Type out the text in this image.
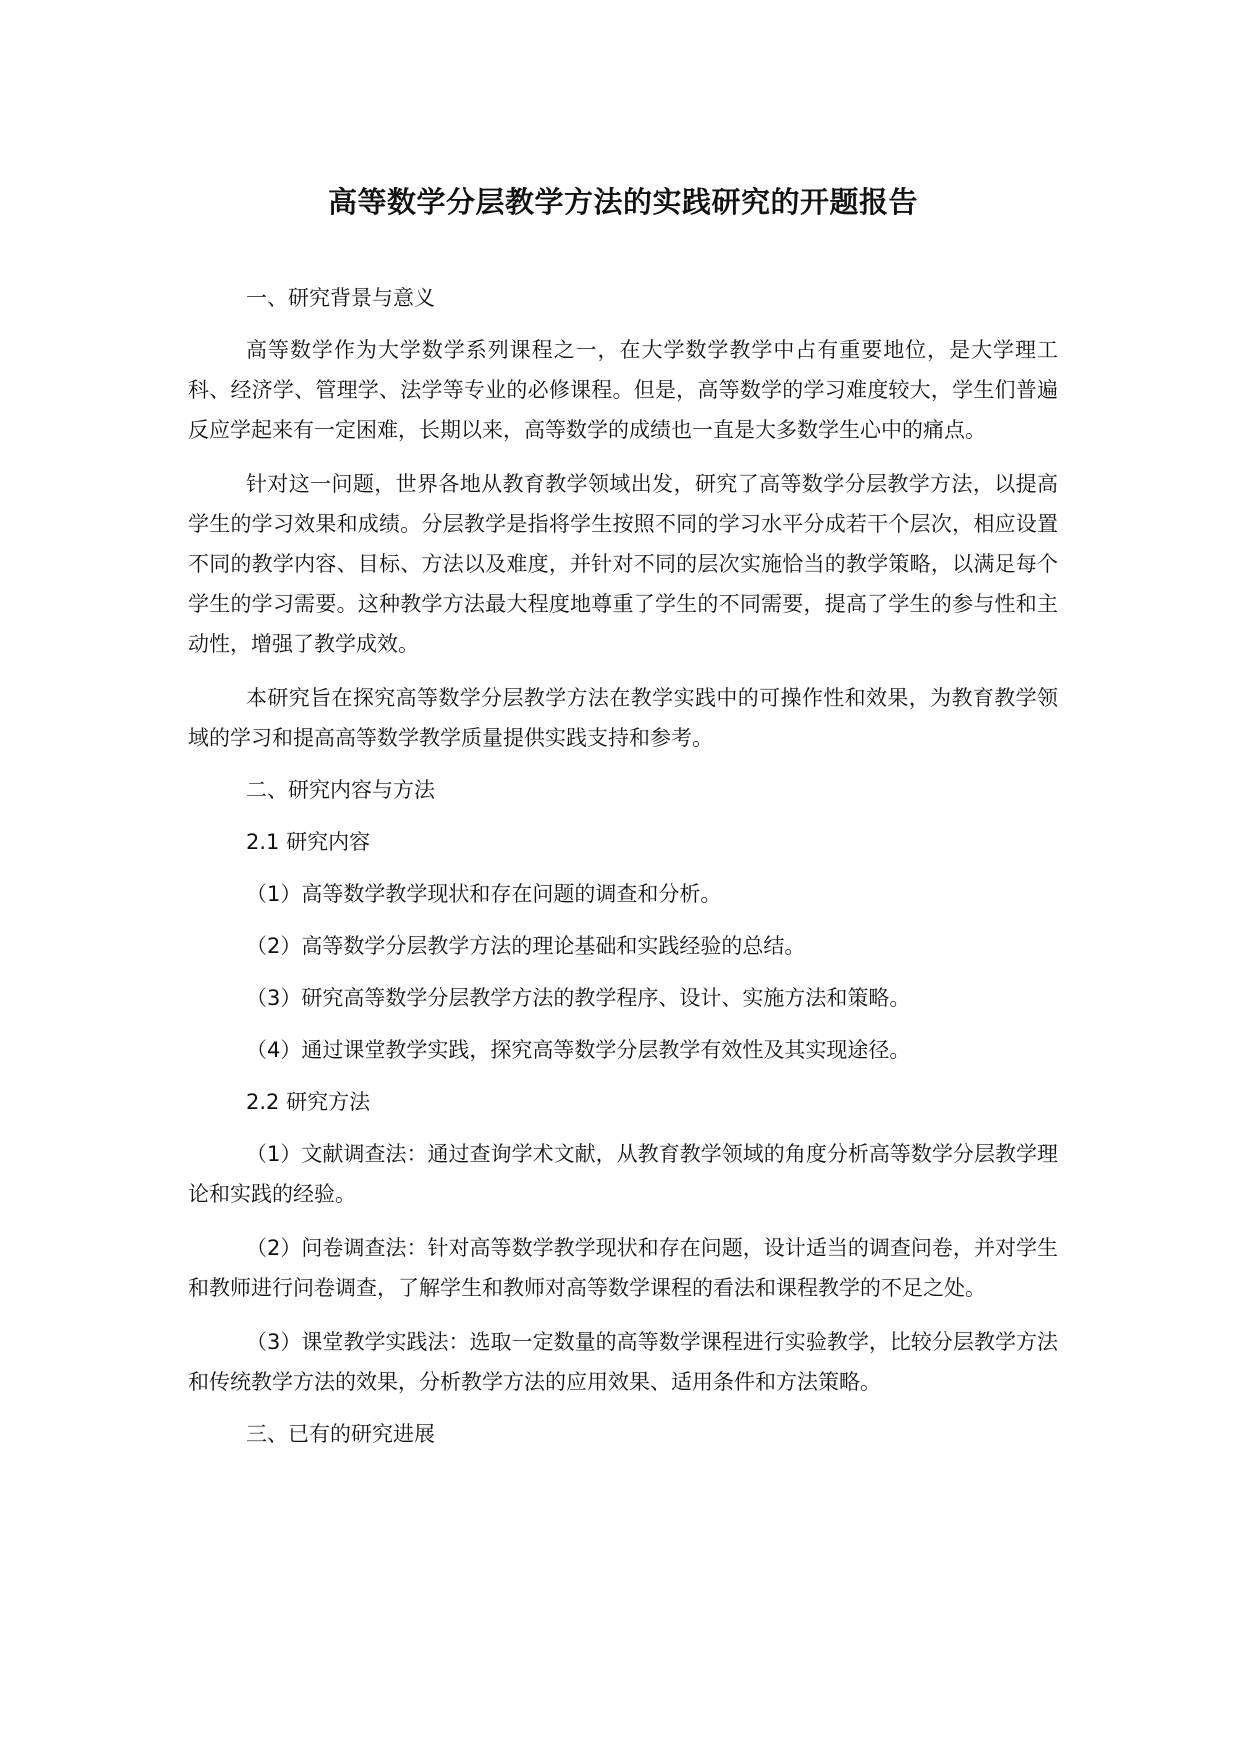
高等数学分层教学方法的实践研究的开题报告

一、研究背景与意义

高等数学作为大学数学系列课程之一，在大学数学教学中占有重要地位，是大学理工科、经济学、管理学、法学等专业的必修课程。但是，高等数学的学习难度较大，学生们普遍反应学起来有一定困难，长期以来，高等数学的成绩也一直是大多数学生心中的痛点。

针对这一问题，世界各地从教育教学领域出发，研究了高等数学分层教学方法，以提高学生的学习效果和成绩。分层教学是指将学生按照不同的学习水平分成若干个层次，相应设置不同的教学内容、目标、方法以及难度，并针对不同的层次实施恰当的教学策略，以满足每个学生的学习需要。这种教学方法最大程度地尊重了学生的不同需要，提高了学生的参与性和主动性，增强了教学成效。

本研究旨在探究高等数学分层教学方法在教学实践中的可操作性和效果，为教育教学领域的学习和提高高等数学教学质量提供实践支持和参考。

二、研究内容与方法

2.1 研究内容

（1）高等数学教学现状和存在问题的调查和分析。

（2）高等数学分层教学方法的理论基础和实践经验的总结。

（3）研究高等数学分层教学方法的教学程序、设计、实施方法和策略。

（4）通过课堂教学实践，探究高等数学分层教学有效性及其实现途径。

2.2 研究方法

（1）文献调查法：通过查询学术文献，从教育教学领域的角度分析高等数学分层教学理论和实践的经验。

（2）问卷调查法：针对高等数学教学现状和存在问题，设计适当的调查问卷，并对学生和教师进行问卷调查，了解学生和教师对高等数学课程的看法和课程教学的不足之处。

（3）课堂教学实践法：选取一定数量的高等数学课程进行实验教学，比较分层教学方法和传统教学方法的效果，分析教学方法的应用效果、适用条件和方法策略。

三、已有的研究进展
